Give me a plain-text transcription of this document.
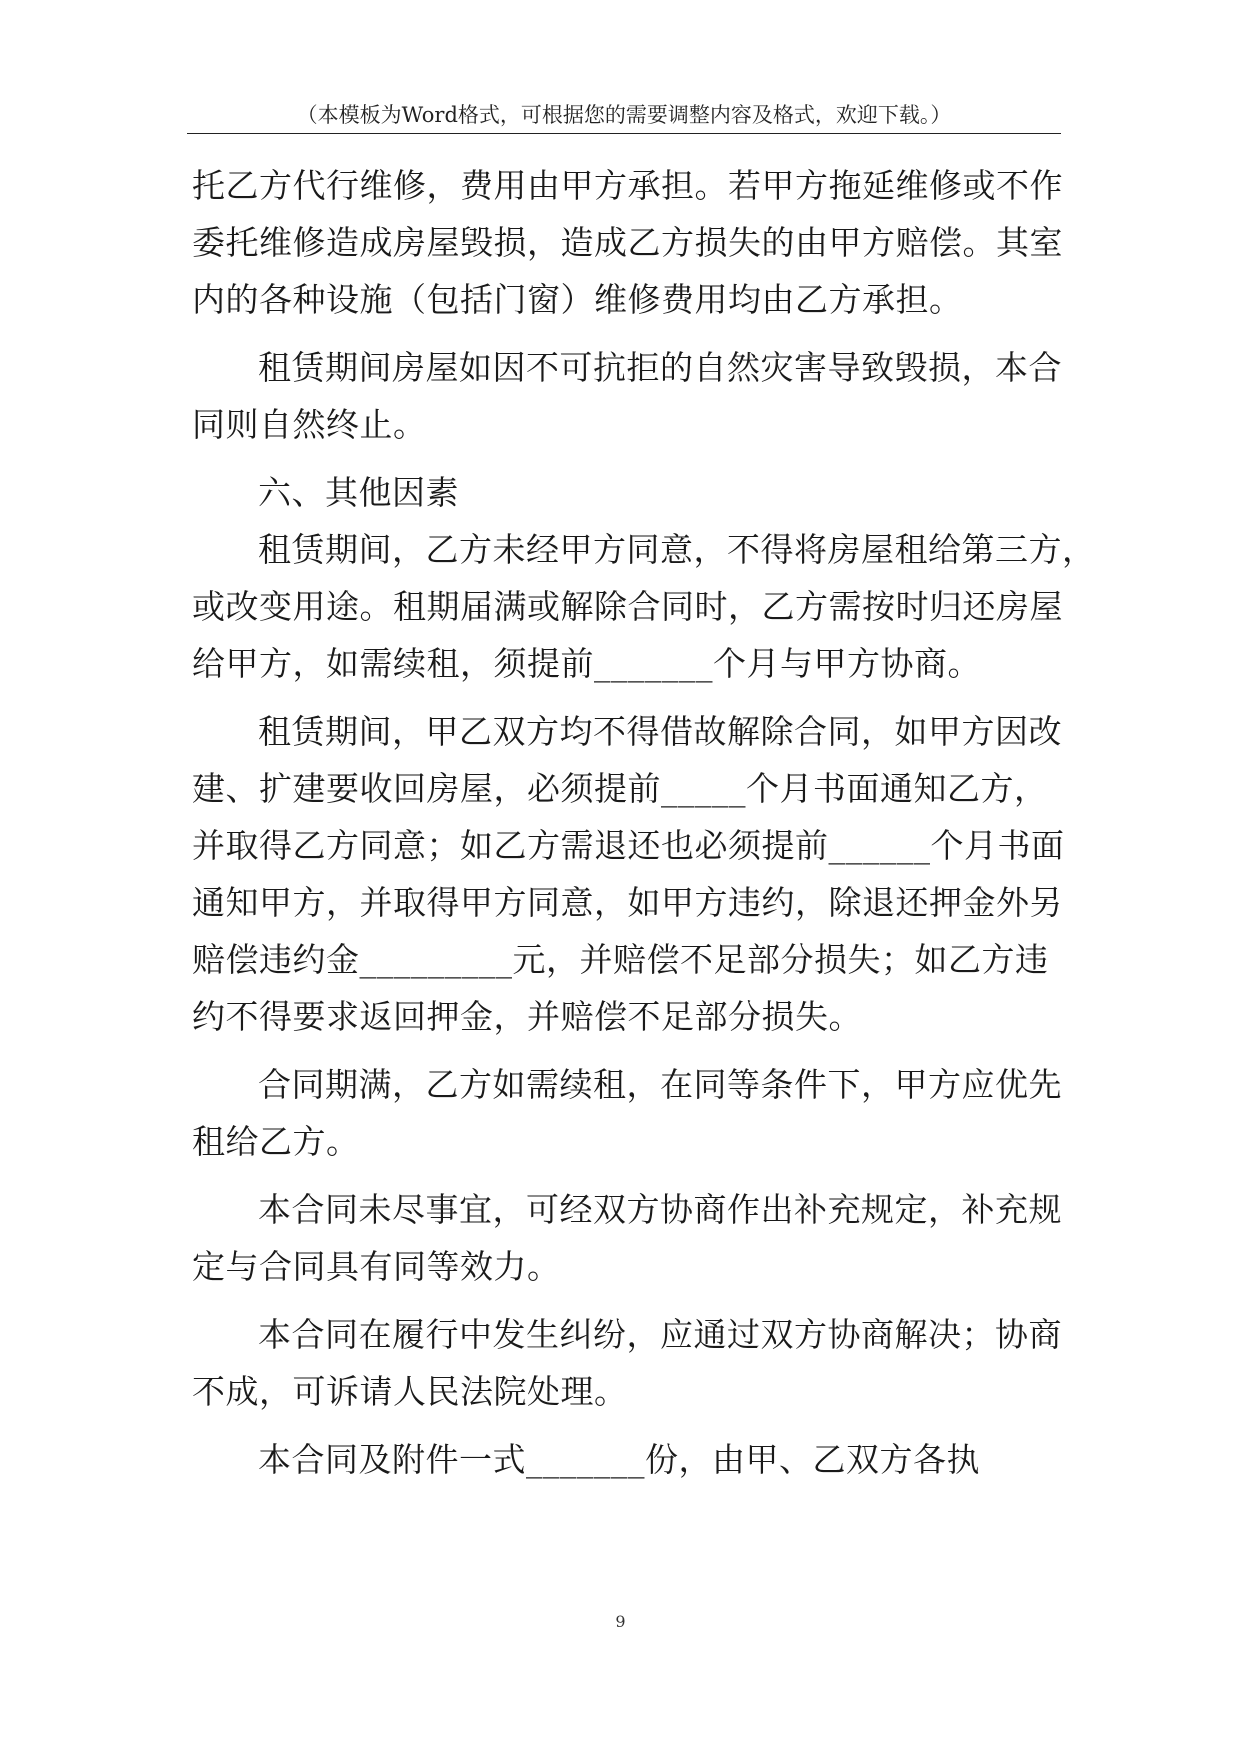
（本模板为Word格式，可根据您的需要调整内容及格式，欢迎下载。）
托乙方代行维修，费用由甲方承担。若甲方拖延维修或不作
委托维修造成房屋毁损，造成乙方损失的由甲方赔偿。其室
内的各种设施（包括门窗）维修费用均由乙方承担。
租赁期间房屋如因不可抗拒的自然灾害导致毁损，本合
同则自然终止。
六、其他因素
租赁期间，乙方未经甲方同意，不得将房屋租给第三方，
或改变用途。租期届满或解除合同时，乙方需按时归还房屋
给甲方，如需续租，须提前_______个月与甲方协商。
租赁期间，甲乙双方均不得借故解除合同，如甲方因改
建、扩建要收回房屋，必须提前_____个月书面通知乙方，
并取得乙方同意；如乙方需退还也必须提前______个月书面
通知甲方，并取得甲方同意，如甲方违约，除退还押金外另
赔偿违约金_________元，并赔偿不足部分损失；如乙方违
约不得要求返回押金，并赔偿不足部分损失。
合同期满，乙方如需续租，在同等条件下，甲方应优先
租给乙方。
本合同未尽事宜，可经双方协商作出补充规定，补充规
定与合同具有同等效力。
本合同在履行中发生纠纷，应通过双方协商解决；协商
不成，可诉请人民法院处理。
本合同及附件一式_______份，由甲、乙双方各执
9
